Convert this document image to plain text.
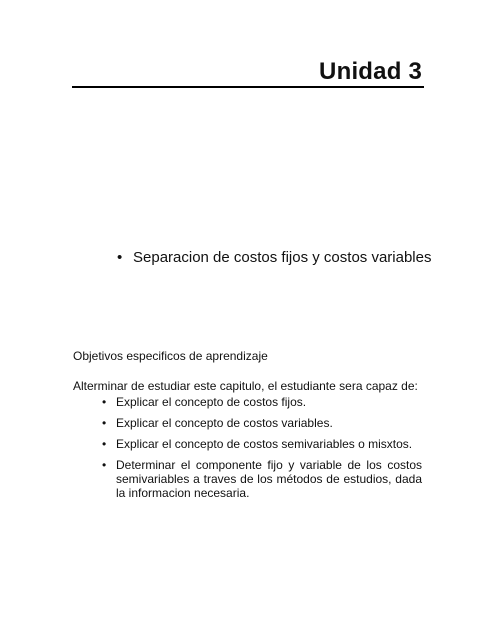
Unidad 3
• Separacion de costos fijos y costos variables

Objetivos especificos de aprendizaje

Alterminar de estudiar este capitulo, el estudiante sera capaz de:

• Explicar el concepto de costos fijos.
• Explicar el concepto de costos variables.
• Explicar el concepto de costos semivariables o misxtos.
• Determinar el componente fijo y variable de los costos semivariables a traves de los métodos de estudios, dada la informacion necesaria.
